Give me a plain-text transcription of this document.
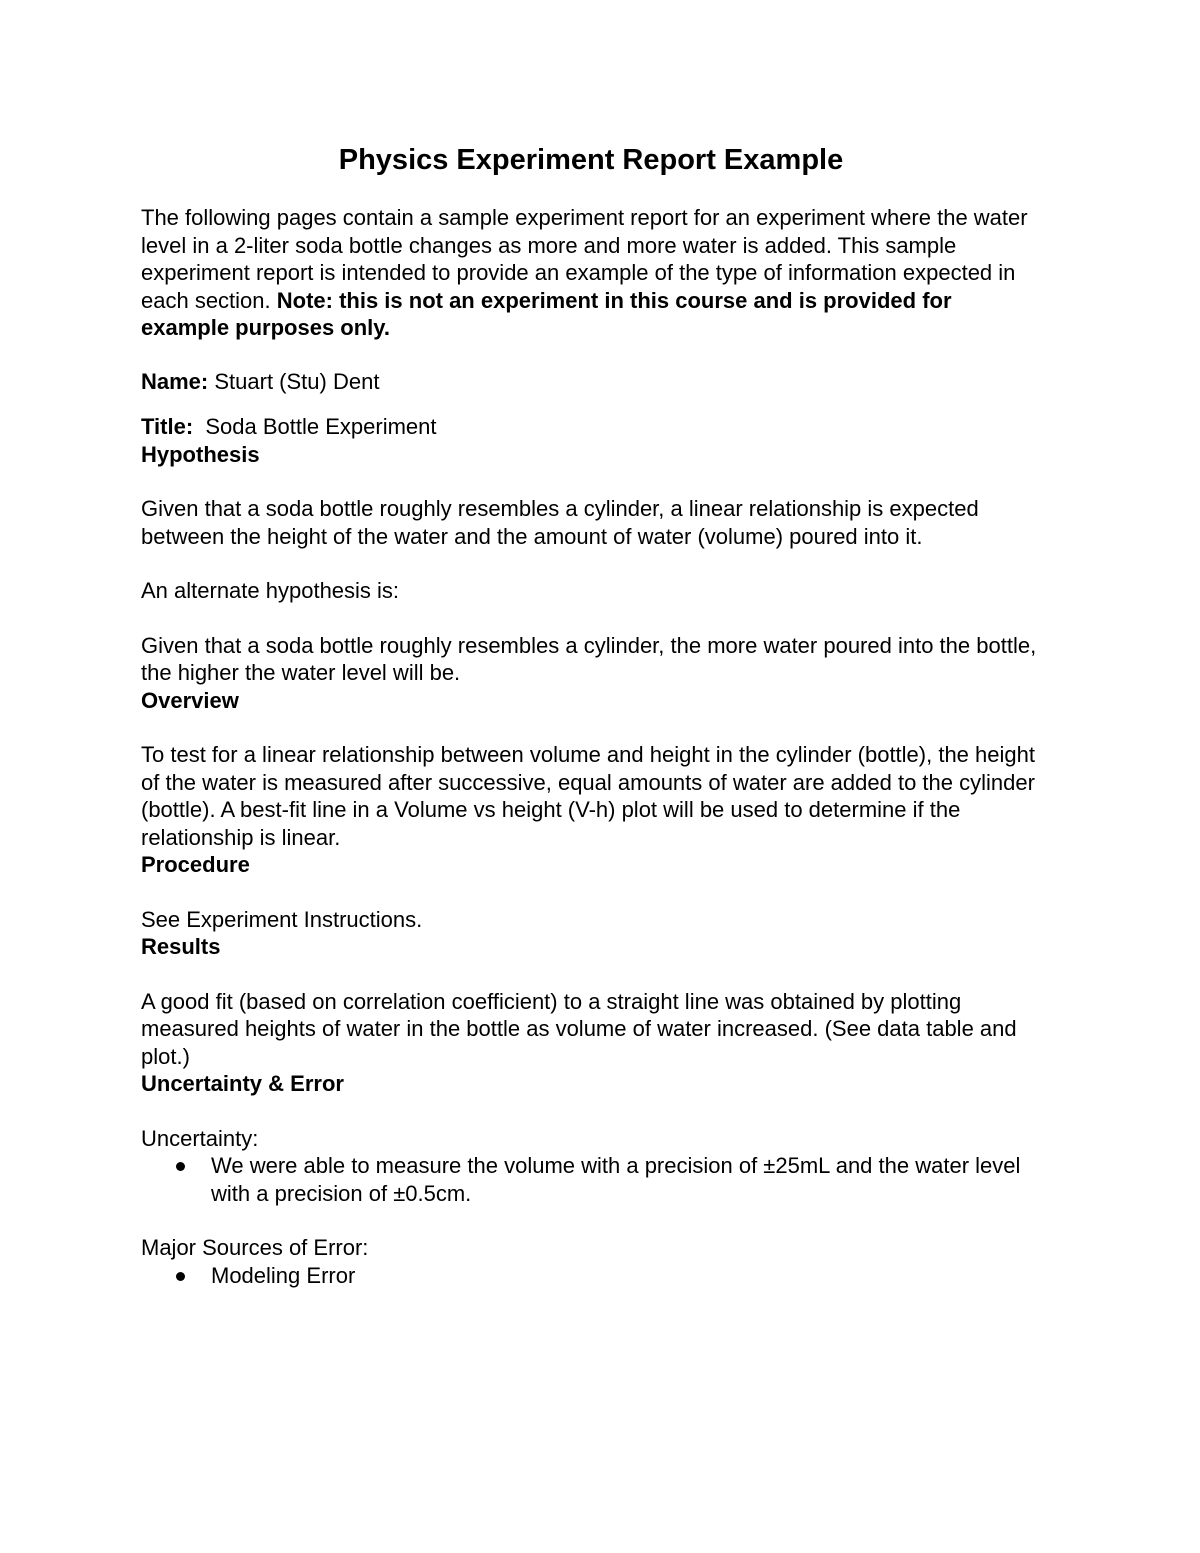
Physics Experiment Report Example

The following pages contain a sample experiment report for an experiment where the water level in a 2-liter soda bottle changes as more and more water is added. This sample experiment report is intended to provide an example of the type of information expected in each section. Note: this is not an experiment in this course and is provided for example purposes only.

Name: Stuart (Stu) Dent

Title:  Soda Bottle Experiment

Hypothesis

Given that a soda bottle roughly resembles a cylinder, a linear relationship is expected between the height of the water and the amount of water (volume) poured into it.

An alternate hypothesis is:

Given that a soda bottle roughly resembles a cylinder, the more water poured into the bottle, the higher the water level will be.

Overview

To test for a linear relationship between volume and height in the cylinder (bottle), the height of the water is measured after successive, equal amounts of water are added to the cylinder (bottle). A best-fit line in a Volume vs height (V-h) plot will be used to determine if the relationship is linear.

Procedure

See Experiment Instructions.

Results

A good fit (based on correlation coefficient) to a straight line was obtained by plotting measured heights of water in the bottle as volume of water increased. (See data table and plot.)

Uncertainty & Error

Uncertainty:

We were able to measure the volume with a precision of ±25mL and the water level with a precision of ±0.5cm.

Major Sources of Error:

Modeling Error
